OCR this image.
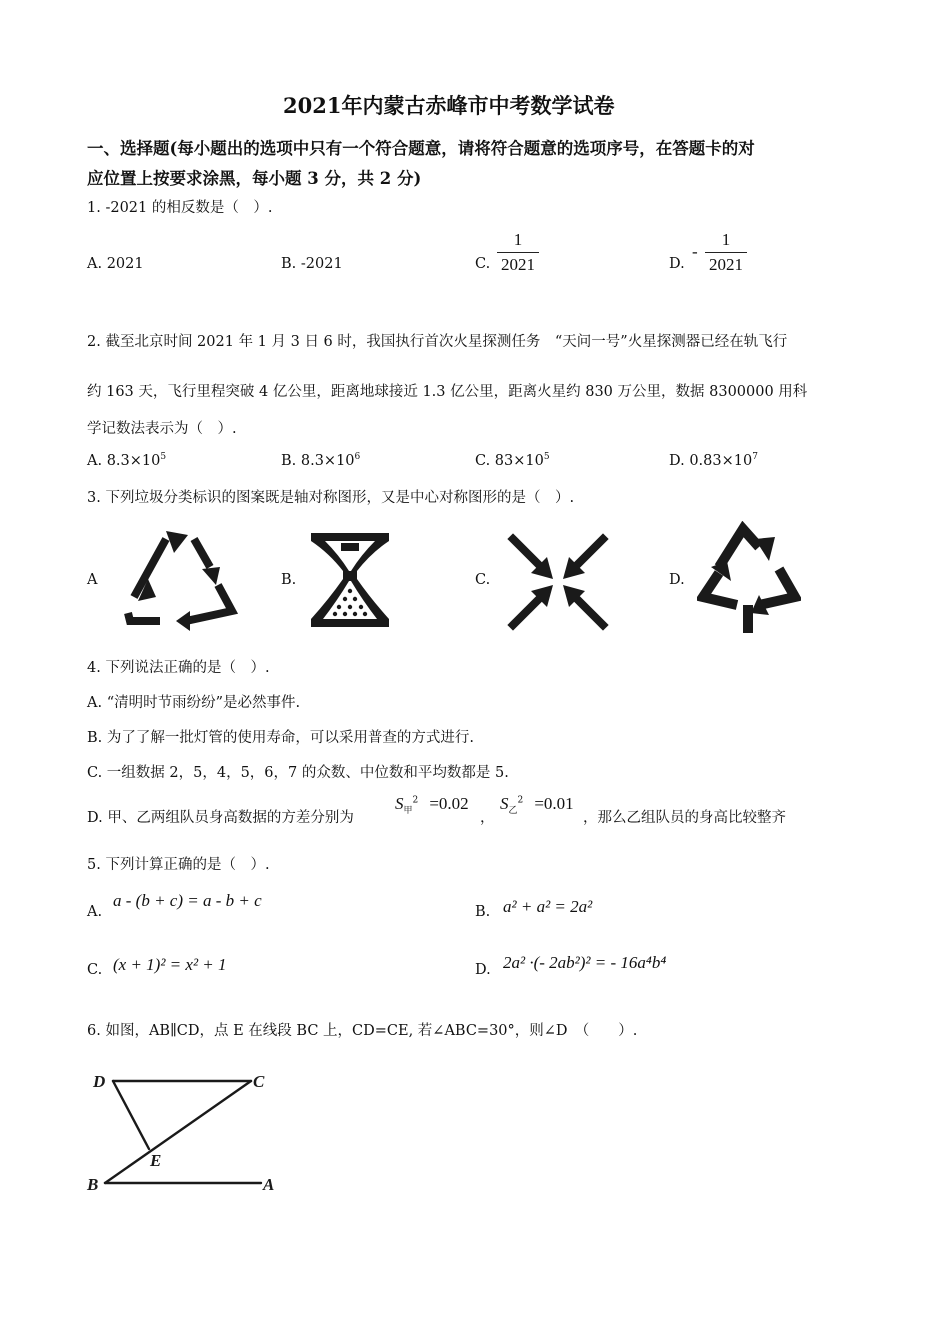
2021年内蒙古赤峰市中考数学试卷
一、选择题(每小题出的选项中只有一个符合题意，请将符合题意的选项序号，在答题卡的对
应位置上按要求涂黑，每小题 3 分，共 2 分)
1. -2021 的相反数是（　）.
A. 2021	B. -2021	C.
1
2021	D.
-
1
2021
2. 截至北京时间 2021 年 1 月 3 日 6 时，我国执行首次火星探测任务　“天问一号”火星探测器已经在轨飞行
约 163 天，飞行里程突破 4 亿公里，距离地球接近 1.3 亿公里，距离火星约 830 万公里，数据 8300000 用科
学记数法表示为（　）.
A. $8.3\times 10^5$	B. $8.3\times 10^6$	C. $83\times 10^5$	D. $0.83\times 10^7$
3. 下列垃圾分类标识的图案既是轴对称图形，又是中心对称图形的是（　）.
A	B.	C.	D.
4. 下列说法正确的是（　）.
A. “清明时节雨纷纷”是必然事件.
B. 为了了解一批灯管的使用寿命，可以采用普查的方式进行.
C. 一组数据 2，5，4，5，6，7 的众数、中位数和平均数都是 5.
D. 甲、乙两组队员身高数据的方差分别为
$S_甲^2 =0.02$
，
$S_乙^2 =0.01$
，那么乙组队员的身高比较整齐
5. 下列计算正确的是（　）.
A.
a - (b + c) = a - b + c
B. a² + a² = 2a²
C. (x + 1)² = x² + 1	D. 2a² ·(- 2ab²)² = - 16a⁴b⁴
6. 如图，AB∥CD，点 E 在线段 BC 上，CD=CE, 若∠ABC=30°，则∠D　（　　）.
D	C
E
B	A
